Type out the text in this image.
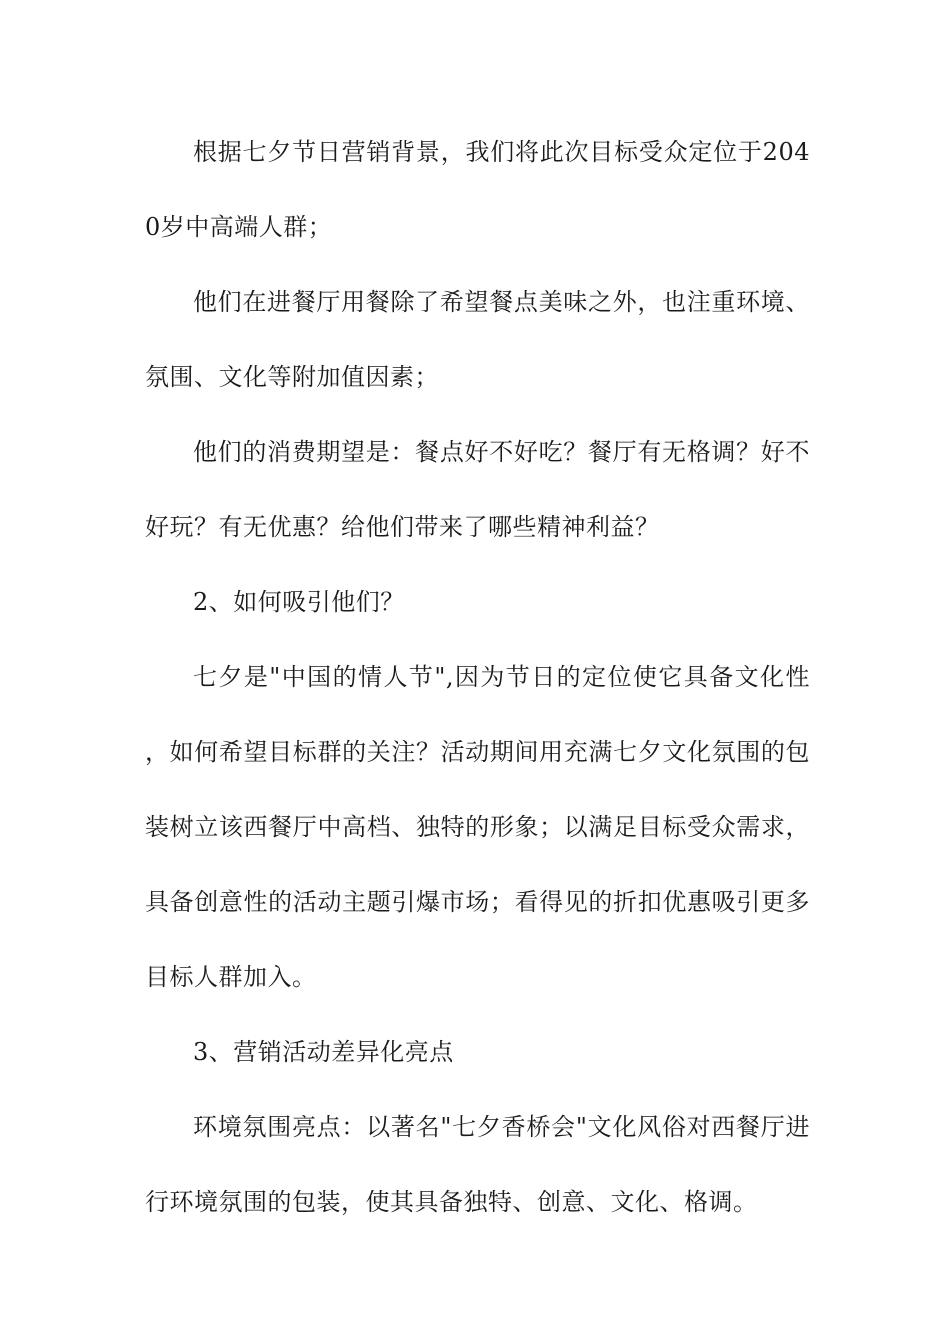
根据七夕节日营销背景，我们将此次目标受众定位于2040岁中高端人群；

他们在进餐厅用餐除了希望餐点美味之外，也注重环境、氛围、文化等附加值因素；

他们的消费期望是：餐点好不好吃？餐厅有无格调？好不好玩？有无优惠？给他们带来了哪些精神利益？

2、如何吸引他们？

七夕是"中国的情人节",因为节日的定位使它具备文化性，如何希望目标群的关注？活动期间用充满七夕文化氛围的包装树立该西餐厅中高档、独特的形象；以满足目标受众需求，具备创意性的活动主题引爆市场；看得见的折扣优惠吸引更多目标人群加入。

3、营销活动差异化亮点

环境氛围亮点：以著名"七夕香桥会"文化风俗对西餐厅进行环境氛围的包装，使其具备独特、创意、文化、格调。
